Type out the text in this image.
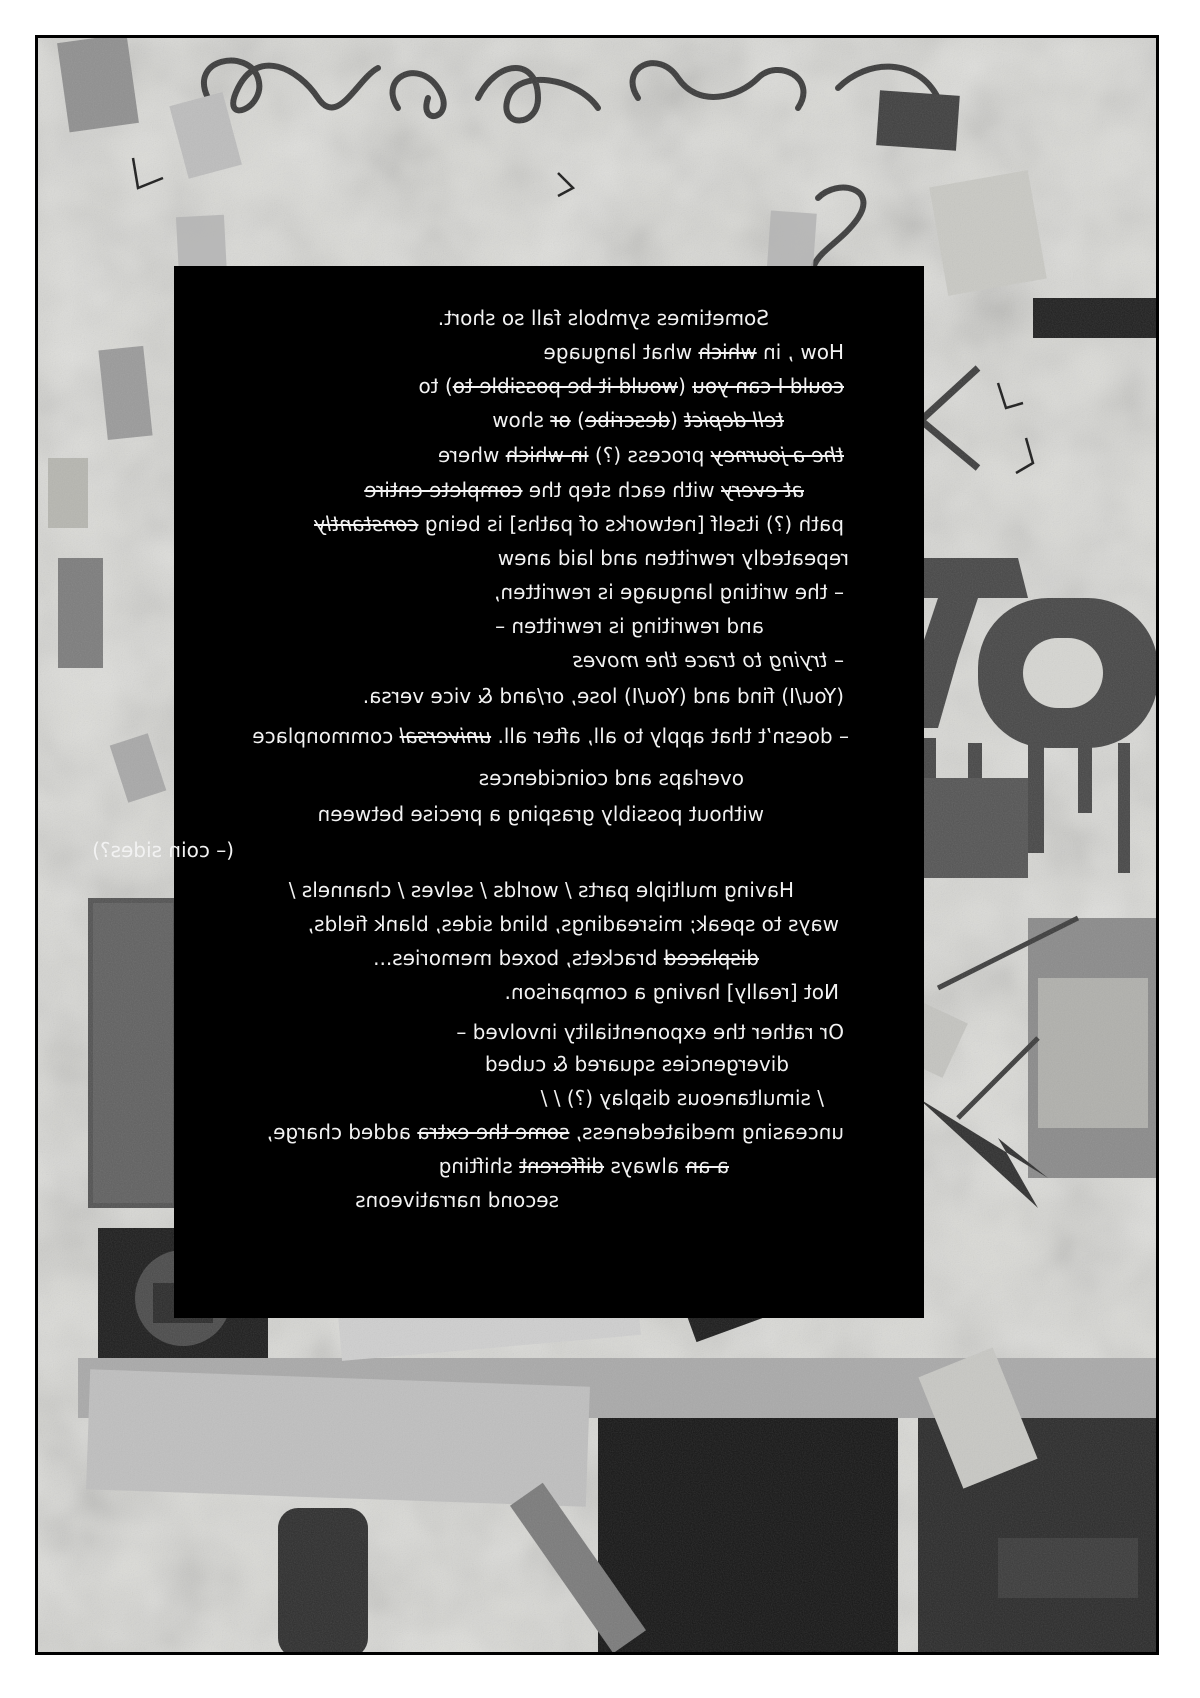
Sometimes symbols fall so short.
How , in which what language
could I can you (would it be possible to) to
tell depict (describe) or show
the a journey process (?) in which where
at every with each step the complete entire
path (?) itself [networks of paths] is being constantly
repeatedly rewritten and laid anew
– the writing language is rewritten,
and rewriting is rewritten –
– trying to trace the moves
(You/I) find and (You/I) lose, or/and & vice versa.
– doesn’t that apply to all, after all. universal commonplace
overlaps and coincidences
without possibly grasping a precise between
(– coin sides?)
Having multiple parts / worlds / selves / channels /
ways to speak; misreadings, blind sides, blank fields,
displaced brackets, boxed memories...
Not [really] having a comparison.
Or rather the exponentiality involved –
divergencies squared & cubed
/ simultaneous display (?) / /
unceasing mediatedeness, some the extra added charge,
a an always different shifting
second narrativeons
